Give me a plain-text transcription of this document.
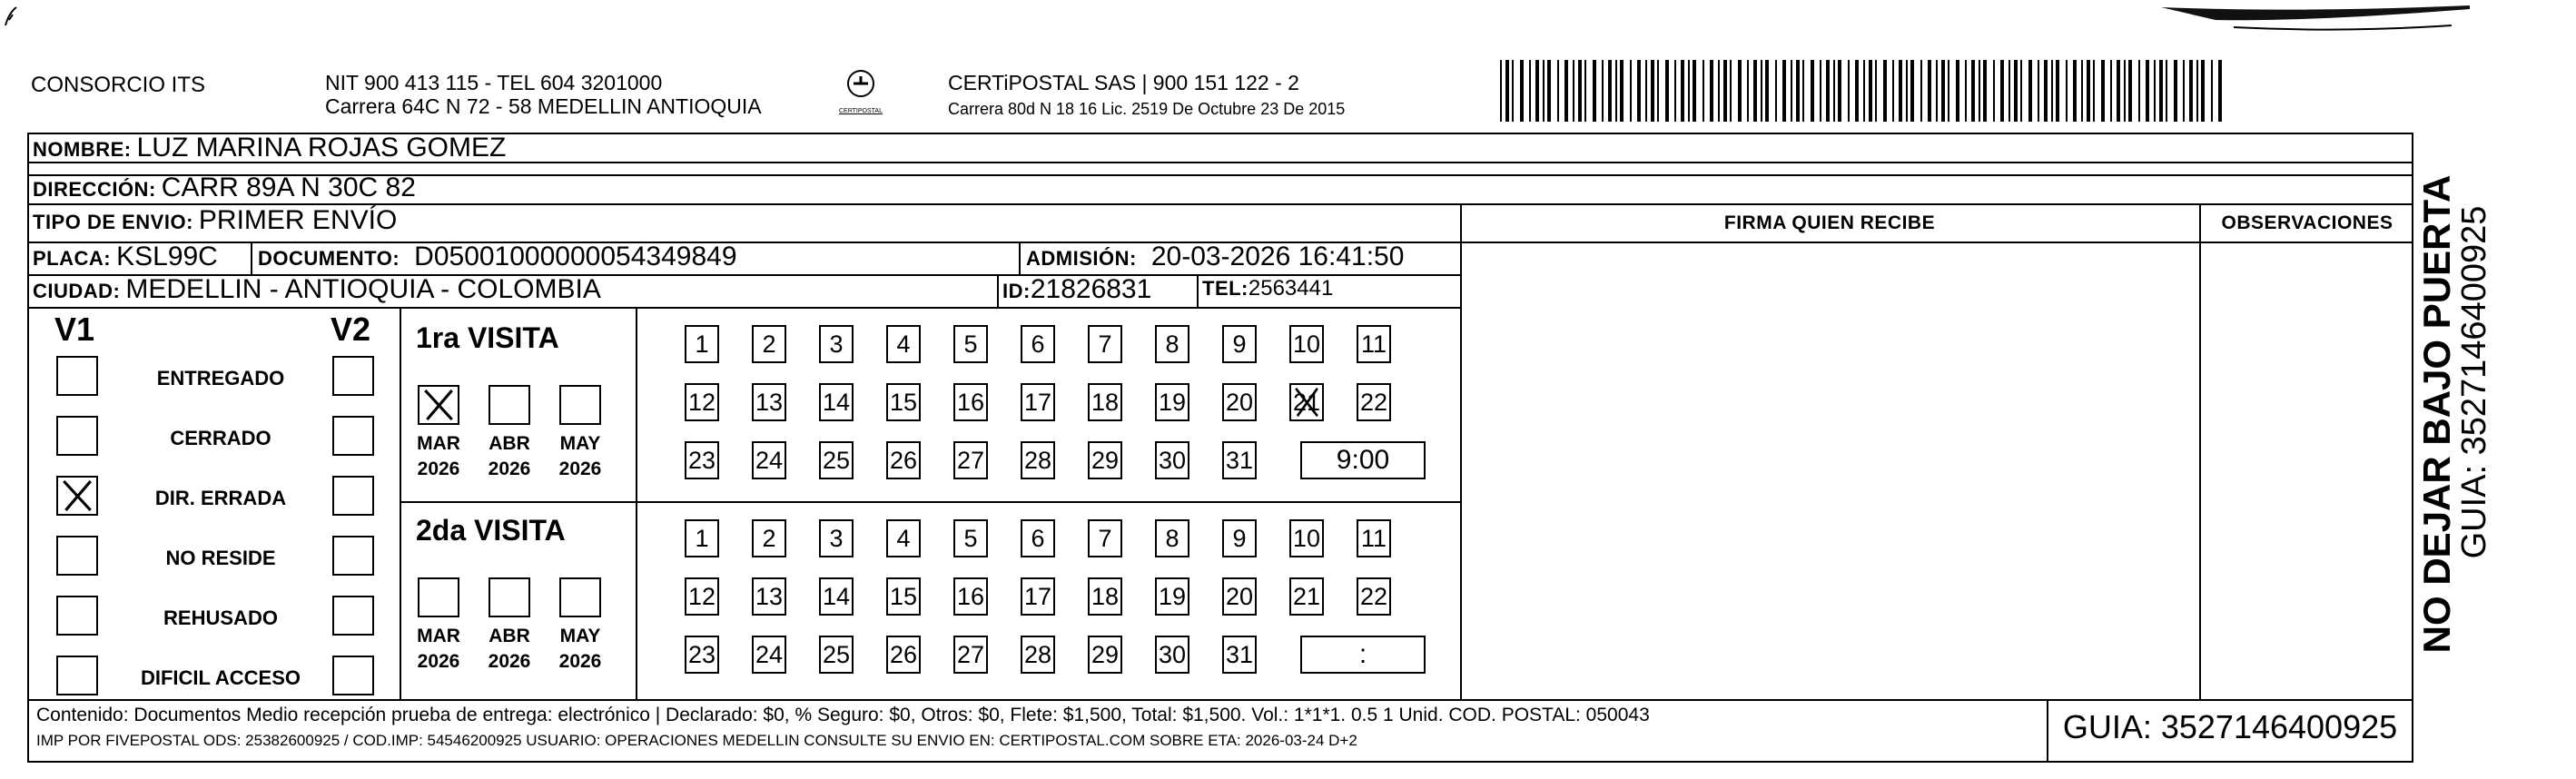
CONSORCIO ITS	NIT 900 413 115 - TEL 604 3201000
Carrera 64C N 72 - 58 MEDELLIN ANTIOQUIA	CERTIPOSTAL
CERTiPOSTAL SAS | 900 151 122 - 2
Carrera 80d N 18 16 Lic. 2519 De Octubre 23 De 2015
NOMBRE: LUZ MARINA ROJAS GOMEZ
DIRECCIÓN: CARR 89A N 30C 82
TIPO DE ENVIO: PRIMER ENVÍO	FIRMA QUIEN RECIBE	OBSERVACIONES
PLACA: KSL99C DOCUMENTO: D05001000000054349849	ADMISIÓN: 20-03-2026 16:41:50
CIUDAD: MEDELLIN - ANTIOQUIA - COLOMBIA	ID: 21826831	TEL: 2563441
V1	V2
ENTREGADO
CERRADO
DIR. ERRADA
NO RESIDE
REHUSADO
DIFICIL ACCESO
1ra VISITA
MAR
2026
ABR
2026
MAY
2026
1	2	3	4	5	6	7	8	9	10 11
12 13 14 15 16 17 18 19 20 21 22
23 24 25 26 27 28 29 30 31	9:00
2da VISITA
MAR
2026
ABR
2026
MAY
2026
1	2	3	4	5	6	7	8	9	10 11
12 13 14 15 16 17 18 19 20 21 22
23 24 25 26 27 28 29 30 31	:
NO DEJAR BAJO PUERTA
GUIA: 3527146400925
Contenido: Documentos Medio recepción prueba de entrega: electrónico | Declarado: $0, % Seguro: $0, Otros: $0, Flete: $1,500, Total: $1,500. Vol.: 1*1*1. 0.5 1 Unid. COD. POSTAL: 050043
IMP POR FIVEPOSTAL ODS: 25382600925 / COD.IMP: 54546200925 USUARIO: OPERACIONES MEDELLIN CONSULTE SU ENVIO EN: CERTIPOSTAL.COM SOBRE ETA: 2026-03-24 D+2	GUIA: 3527146400925
